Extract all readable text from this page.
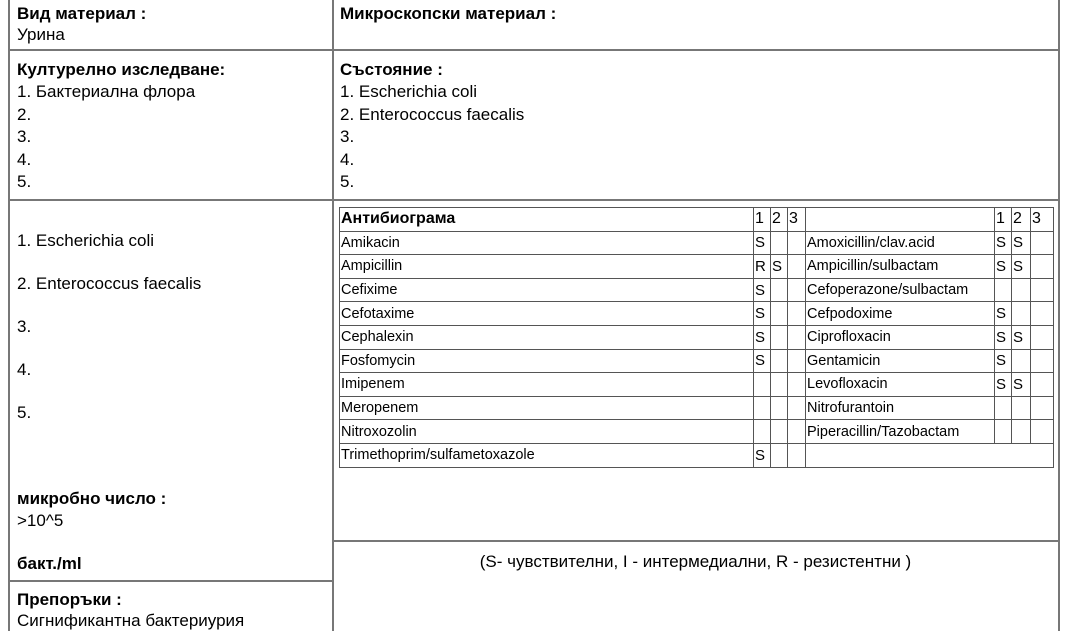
Вид материал :
Урина
Микроскопски материал :
Културелно изследване:
1. Бактериална флора
2.
3.
4.
5.
Състояние :
1. Escherichia coli
2. Enterococcus faecalis
3.
4.
5.
1. Escherichia coli
2. Enterococcus faecalis
3.
4.
5.
микробно число :
>10^5
бакт./ml	(S- чувствителни, I - интермедиални, R - резистентни )
Антибиограма	1	2	3		1	2	3
Amikacin	S			Amoxicillin/clav.acid	S	S	
Ampicillin	R	S		Ampicillin/sulbactam	S	S	
Cefixime	S			Cefoperazone/sulbactam			
Cefotaxime	S			Cefpodoxime	S		
Cephalexin	S			Ciprofloxacin	S	S	
Fosfomycin	S			Gentamicin	S		
Imipenem				Levofloxacin	S	S	
Meropenem				Nitrofurantoin			
Nitroxozolin				Piperacillin/Tazobactam			
Trimethoprim/sulfametoxazole	S						
Препоръки :
Сигнификантна бактериурия
